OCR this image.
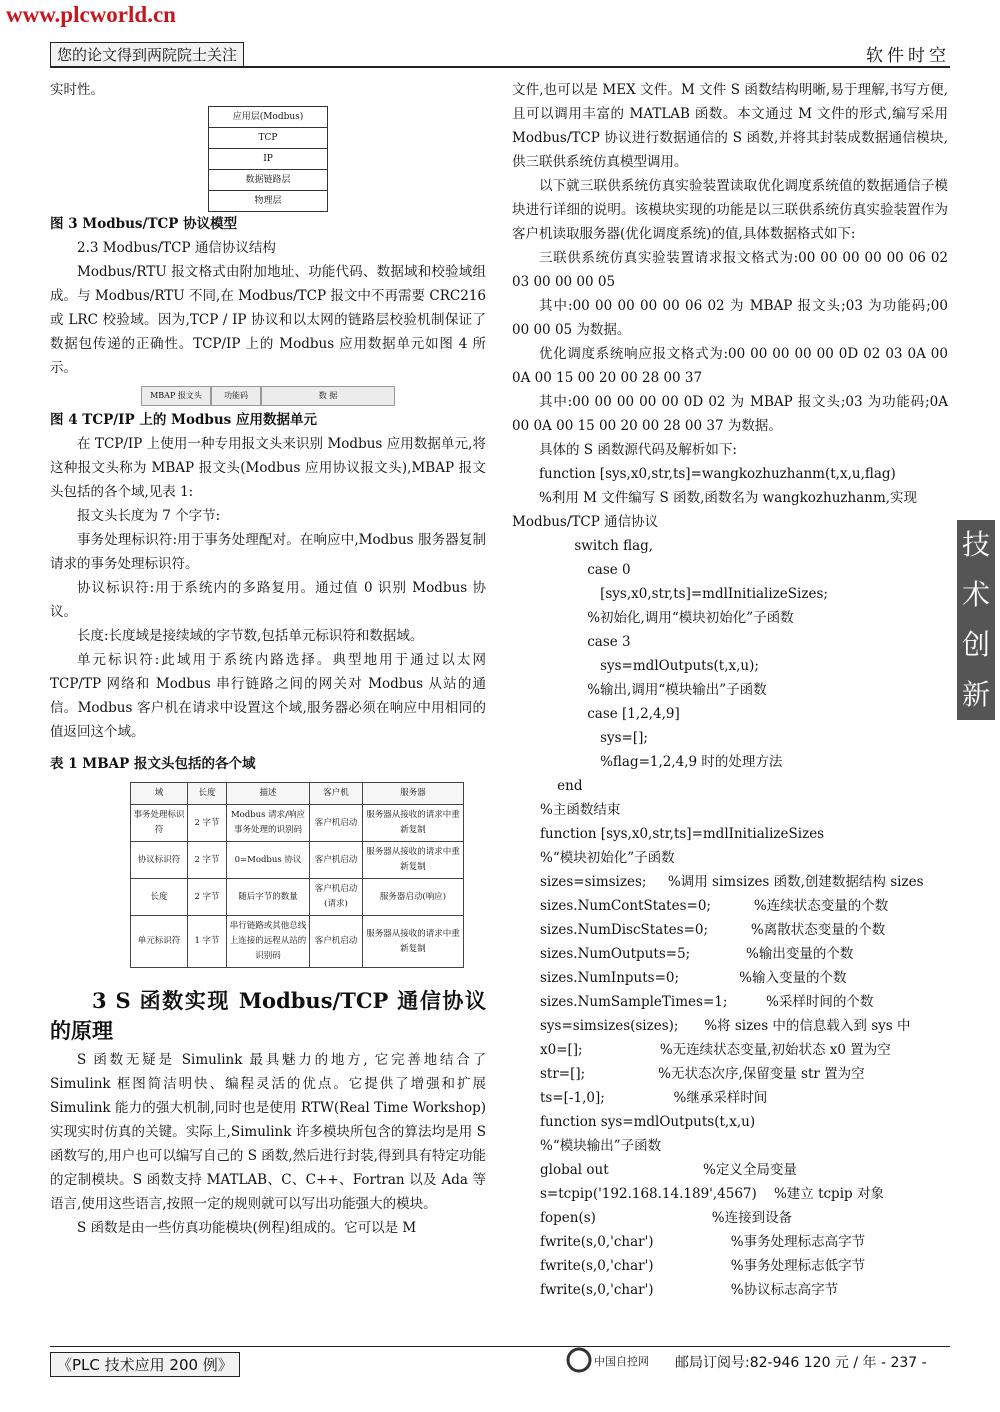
www.plcworld.cn
您的论文得到两院院士关注	软件时空

实时性。

应用层(Modbus)
TCP
IP
数据链路层
物理层

图 3 Modbus/TCP 协议模型

2.3 Modbus/TCP 通信协议结构

Modbus/RTU 报文格式由附加地址、功能代码、数据域和校验域组成。与 Modbus/RTU 不同,在 Modbus/TCP 报文中不再需要 CRC216 或 LRC 校验域。因为,TCP / IP 协议和以太网的链路层校验机制保证了数据包传递的正确性。TCP/IP 上的 Modbus 应用数据单元如图 4 所示。

MBAP 报文头	功能码	数 据

图 4 TCP/IP 上的 Modbus 应用数据单元

在 TCP/IP 上使用一种专用报文头来识别 Modbus 应用数据单元,将这种报文头称为 MBAP 报文头(Modbus 应用协议报文头),MBAP 报文头包括的各个域,见表 1:

报文头长度为 7 个字节:

事务处理标识符:用于事务处理配对。在响应中,Modbus 服务器复制请求的事务处理标识符。

协议标识符:用于系统内的多路复用。通过值 0 识别 Modbus 协议。

长度:长度域是接续域的字节数,包括单元标识符和数据域。

单元标识符:此域用于系统内路选择。典型地用于通过以太网 TCP/TP 网络和 Modbus 串行链路之间的网关对 Modbus 从站的通信。Modbus 客户机在请求中设置这个域,服务器必须在响应中用相同的值返回这个域。

表 1 MBAP 报文头包括的各个域

域	长度	描述	客户机	服务器
事务处理标识符	2 字节	Modbus 请求/响应事务处理的识别码	客户机启动	服务器从接收的请求中重新复制
协议标识符	2 字节	0=Modbus 协议	客户机启动	服务器从接收的请求中重新复制
长度	2 字节	随后字节的数量	客户机启动(请求)	服务器启动(响应)
单元标识符	1 字节	串行链路或其他总线上连接的远程从站的识别码	客户机启动	服务器从接收的请求中重新复制

3 S 函数实现 Modbus/TCP 通信协议的原理

S 函数无疑是 Simulink 最具魅力的地方, 它完善地结合了 Simulink 框图简洁明快、编程灵活的优点。它提供了增强和扩展 Simulink 能力的强大机制,同时也是使用 RTW(Real Time Workshop)实现实时仿真的关键。实际上,Simulink 许多模块所包含的算法均是用 S 函数写的,用户也可以编写自己的 S 函数,然后进行封装,得到具有特定功能的定制模块。S 函数支持 MATLAB、C、C++、Fortran 以及 Ada 等语言,使用这些语言,按照一定的规则就可以写出功能强大的模块。

S 函数是由一些仿真功能模块(例程)组成的。它可以是 M

文件,也可以是 MEX 文件。M 文件 S 函数结构明晰,易于理解,书写方便,且可以调用丰富的 MATLAB 函数。本文通过 M 文件的形式,编写采用 Modbus/TCP 协议进行数据通信的 S 函数,并将其封装成数据通信模块,供三联供系统仿真模型调用。

以下就三联供系统仿真实验装置读取优化调度系统值的数据通信子模块进行详细的说明。该模块实现的功能是以三联供系统仿真实验装置作为客户机读取服务器(优化调度系统)的值,具体数据格式如下:

三联供系统仿真实验装置请求报文格式为:00 00 00 00 00 06 02 03 00 00 00 05

其中:00 00 00 00 00 06 02 为 MBAP 报文头;03 为功能码;00 00 00 05 为数据。

优化调度系统响应报文格式为:00 00 00 00 00 0D 02 03 0A 00 0A 00 15 00 20 00 28 00 37

其中:00 00 00 00 00 0D 02 为 MBAP 报文头;03 为功能码;0A 00 0A 00 15 00 20 00 28 00 37 为数据。

具体的 S 函数源代码及解析如下:

function [sys,x0,str,ts]=wangkozhuzhanm(t,x,u,flag)

%利用 M 文件编写 S 函数,函数名为 wangkozhuzhanm,实现

Modbus/TCP 通信协议

switch flag,
case 0
[sys,x0,str,ts]=mdlInitializeSizes;
%初始化,调用“模块初始化”子函数
case 3
sys=mdlOutputs(t,x,u);
%输出,调用“模块输出”子函数
case [1,2,4,9]
sys=[];
%flag=1,2,4,9 时的处理方法
end
%主函数结束
function [sys,x0,str,ts]=mdlInitializeSizes
%“模块初始化”子函数
sizes=simsizes;     %调用 simsizes 函数,创建数据结构 sizes
sizes.NumContStates=0;          %连续状态变量的个数
sizes.NumDiscStates=0;          %离散状态变量的个数
sizes.NumOutputs=5;             %输出变量的个数
sizes.NumInputs=0;              %输入变量的个数
sizes.NumSampleTimes=1;         %采样时间的个数
sys=simsizes(sizes);      %将 sizes 中的信息载入到 sys 中
x0=[];                  %无连续状态变量,初始状态 x0 置为空
str=[];                 %无状态次序,保留变量 str 置为空
ts=[-1,0];                %继承采样时间
function sys=mdlOutputs(t,x,u)
%“模块输出”子函数
global out                      %定义全局变量
s=tcpip('192.168.14.189',4567)    %建立 tcpip 对象
fopen(s)                           %连接到设备
fwrite(s,0,'char')                  %事务处理标志高字节
fwrite(s,0,'char')                  %事务处理标志低字节
fwrite(s,0,'char')                  %协议标志高字节
技
术
创
新
《PLC 技术应用 200 例》	中国自控网 邮局订阅号:82-946 120 元 / 年 - 237 -
